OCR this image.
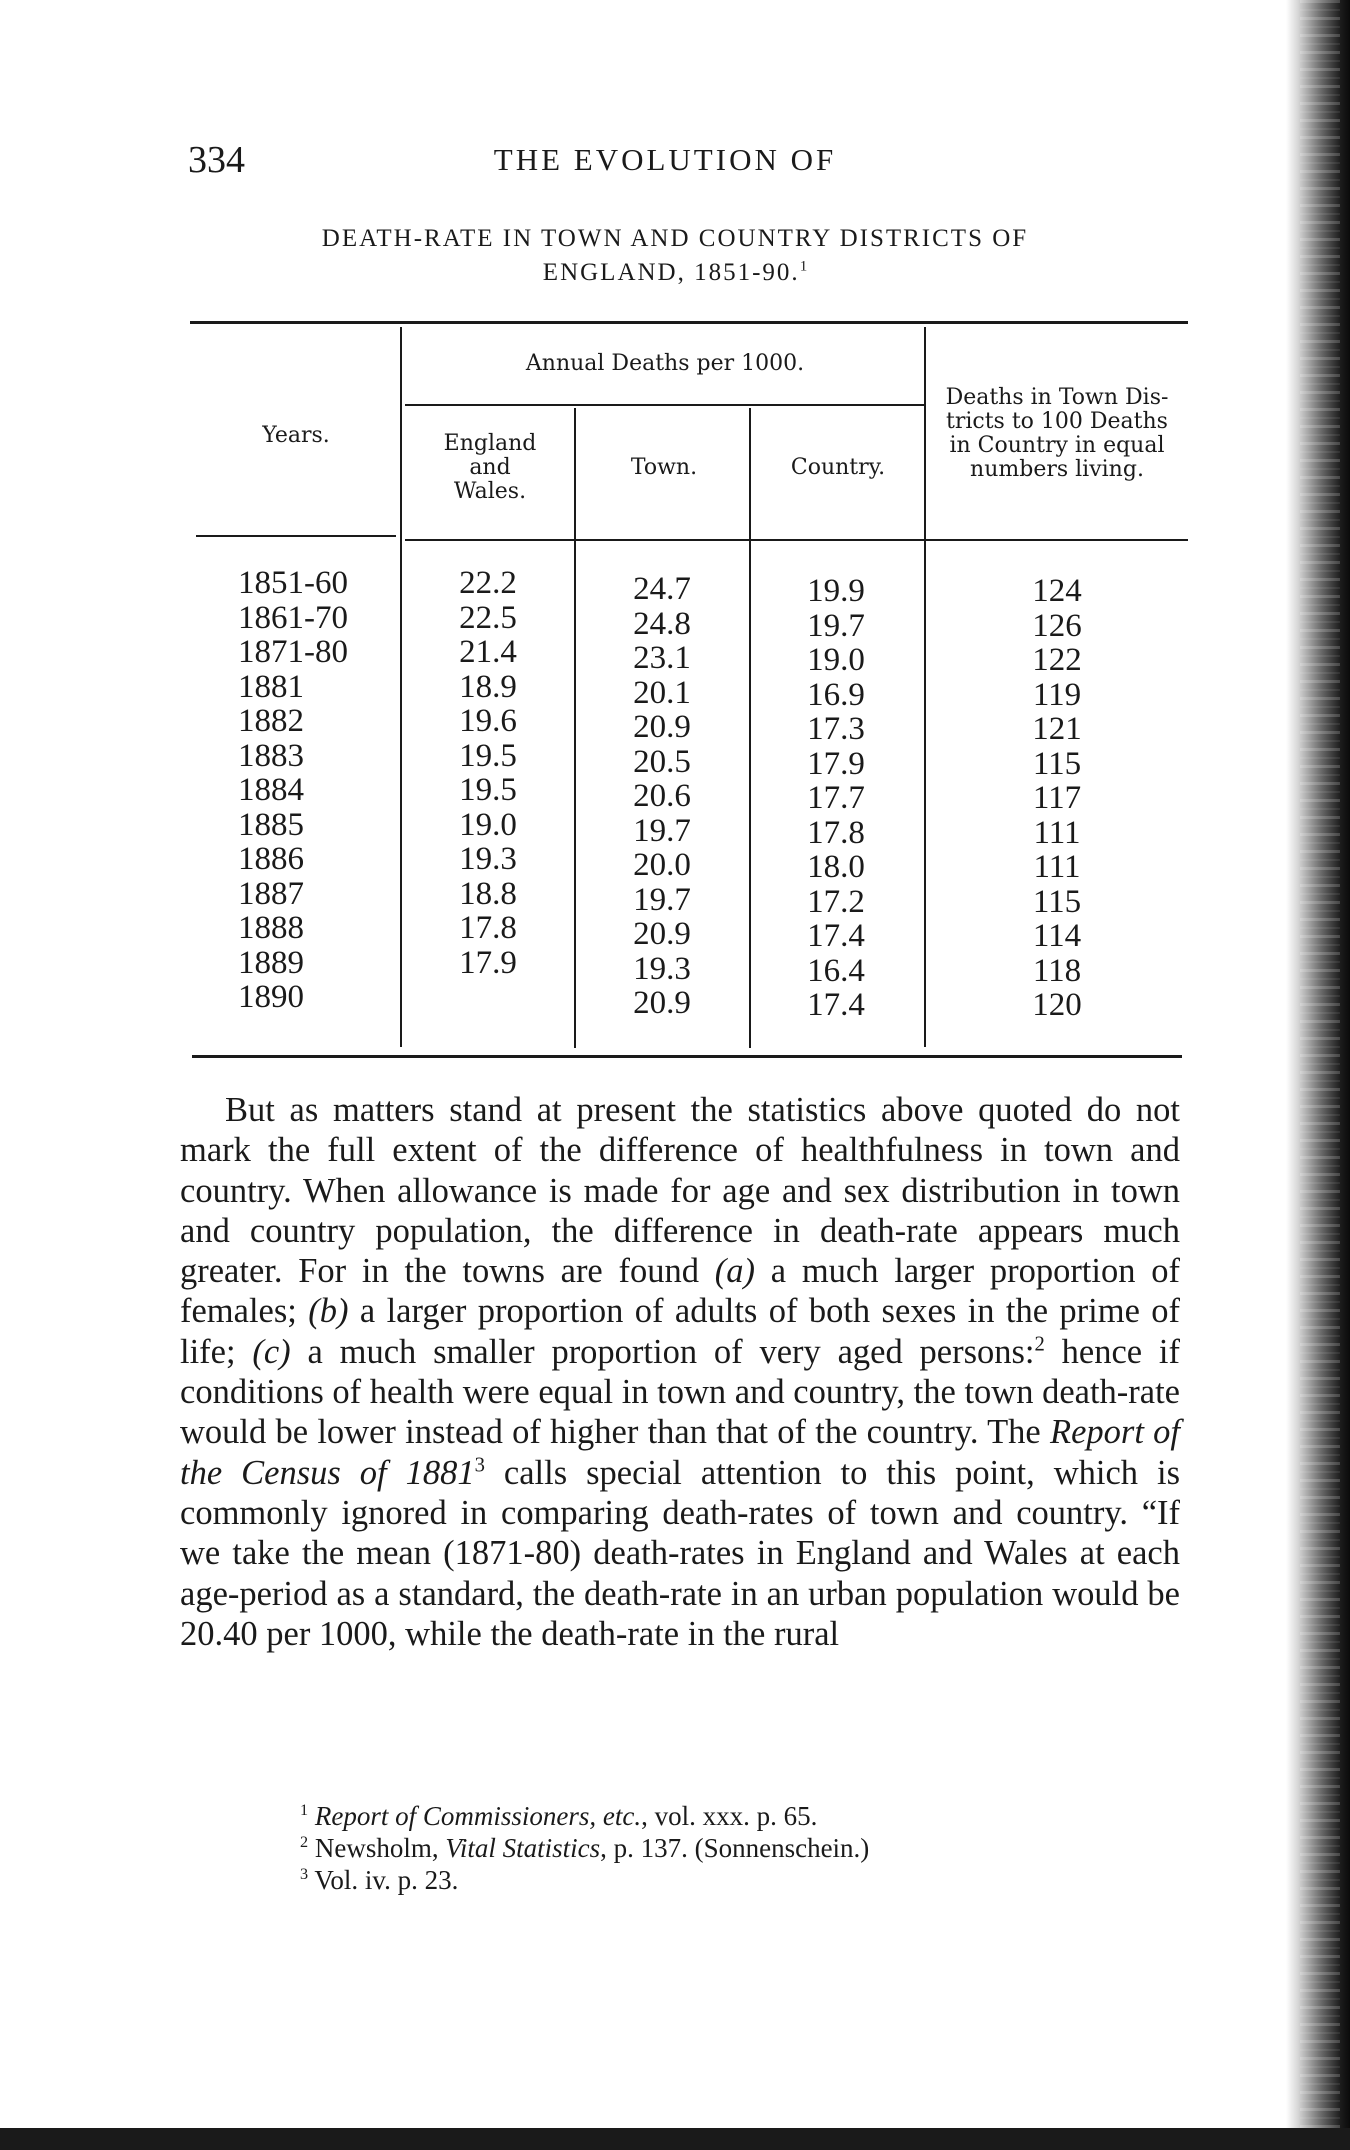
334	THE EVOLUTION OF
DEATH-RATE IN TOWN AND COUNTRY DISTRICTS OF
ENGLAND, 1851-90.$^1$
Years.
Annual Deaths per 1000.
England
and
Wales.
Town.	Country.
Deaths in Town Dis-
tricts to 100 Deaths
in Country in equal
numbers living.
1851-60
1861-70
1871-80
1881
1882
1883
1884
1885
1886
1887
1888
1889
1890
22.2
22.5
21.4
18.9
19.6
19.5
19.5
19.0
19.3
18.8
17.8
17.9
24.7
24.8
23.1
20.1
20.9
20.5
20.6
19.7
20.0
19.7
20.9
19.3
20.9
19.9
19.7
19.0
16.9
17.3
17.9
17.7
17.8
18.0
17.2
17.4
16.4
17.4
124
126
122
119
121
115
117
111
111
115
114
118
120

But as matters stand at present the statistics above quoted do not mark the full extent of the difference of healthfulness in town and country. When allowance is made for age and sex distribution in town and country population, the difference in death-rate appears much greater. For in the towns are found (a) a much larger proportion of females; (b) a larger proportion of adults of both sexes in the prime of life; (c) a much smaller proportion of very aged persons:$^2$ hence if conditions of health were equal in town and country, the town death-rate would be lower instead of higher than that of the country. The Report of the Census of 1881$^3$ calls special attention to this point, which is commonly ignored in comparing death-rates of town and country. “If we take the mean (1871-80) death-rates in England and Wales at each age-period as a standard, the death-rate in an urban population would be 20.40 per 1000, while the death-rate in the rural

$^1$ Report of Commissioners, etc., vol. xxx. p. 65.
$^2$ Newsholm, Vital Statistics, p. 137. (Sonnenschein.)
$^3$ Vol. iv. p. 23.
